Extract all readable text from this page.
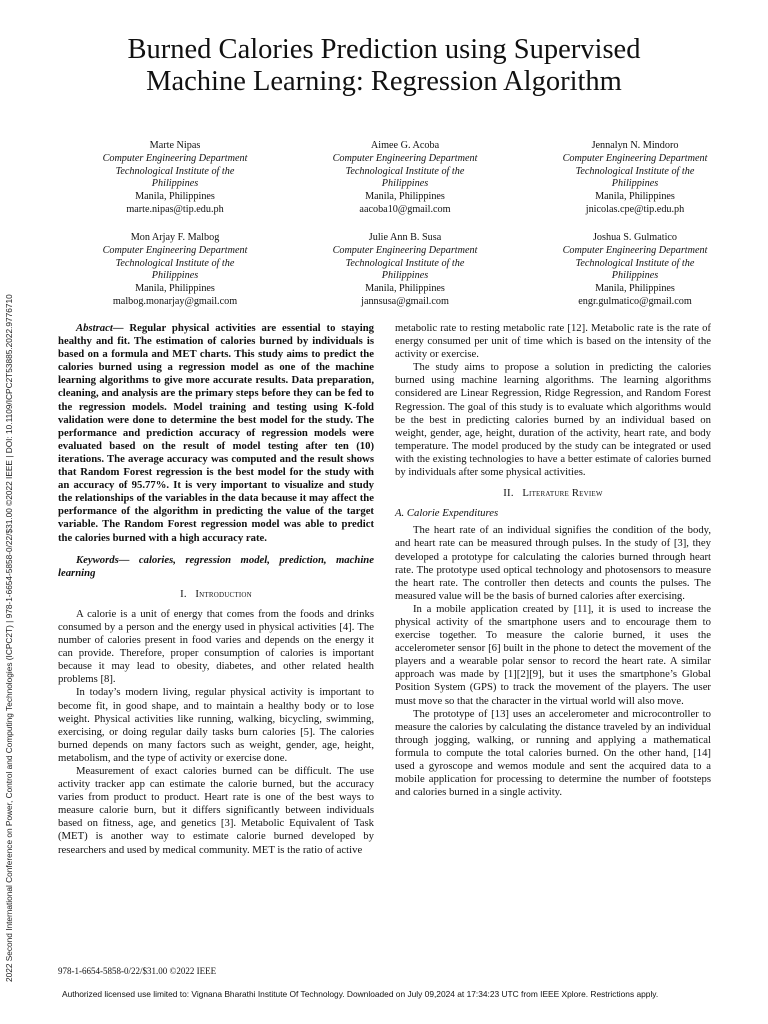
Burned Calories Prediction using Supervised
Machine Learning: Regression Algorithm
Marte Nipas
Computer Engineering Department
Technological Institute of the
Philippines
Manila, Philippines
marte.nipas@tip.edu.ph
Aimee G. Acoba
Computer Engineering Department
Technological Institute of the
Philippines
Manila, Philippines
aacoba10@gmail.com
Jennalyn N. Mindoro
Computer Engineering Department
Technological Institute of the
Philippines
Manila, Philippines
jnicolas.cpe@tip.edu.ph
Mon Arjay F. Malbog
Computer Engineering Department
Technological Institute of the
Philippines
Manila, Philippines
malbog.monarjay@gmail.com
Julie Ann B. Susa
Computer Engineering Department
Technological Institute of the
Philippines
Manila, Philippines
jannsusa@gmail.com
Joshua S. Gulmatico
Computer Engineering Department
Technological Institute of the
Philippines
Manila, Philippines
engr.gulmatico@gmail.com

Abstract— Regular physical activities are essential to staying healthy and fit. The estimation of calories burned by individuals is based on a formula and MET charts. This study aims to predict the calories burned using a regression model as one of the machine learning algorithms to give more accurate results. Data preparation, cleaning, and analysis are the primary steps before they can be fed to the regression models. Model training and testing using K-fold validation were done to determine the best model for the study. The performance and prediction accuracy of regression models were evaluated based on the result of model testing after ten (10) iterations. The average accuracy was computed and the result shows that Random Forest regression is the best model for the study with an accuracy of 95.77%. It is very important to visualize and study the relationships of the variables in the data because it may affect the performance of the algorithm in predicting the value of the target variable. The Random Forest regression model was able to predict the calories burned with a high accuracy rate.

Keywords— calories, regression model, prediction, machine learning

I. Introduction

A calorie is a unit of energy that comes from the foods and drinks consumed by a person and the energy used in physical activities [4]. The number of calories present in food varies and depends on the energy it can provide. Therefore, proper consumption of calories is important because it may lead to obesity, diabetes, and other related health problems [8].

In today’s modern living, regular physical activity is important to become fit, in good shape, and to maintain a healthy body or to lose weight. Physical activities like running, walking, bicycling, swimming, exercising, or doing regular daily tasks burn calories [5]. The calories burned depends on many factors such as weight, gender, age, height, metabolism, and the type of activity or exercise done.

Measurement of exact calories burned can be difficult. The use activity tracker app can estimate the calorie burned, but the accuracy varies from product to product. Heart rate is one of the best ways to measure calorie burn, but it differs significantly between individuals based on fitness, age, and genetics [3]. Metabolic Equivalent of Task (MET) is another way to estimate calorie burned developed by researchers and used by medical community. MET is the ratio of active

metabolic rate to resting metabolic rate [12]. Metabolic rate is the rate of energy consumed per unit of time which is based on the intensity of the activity or exercise.

The study aims to propose a solution in predicting the calories burned using machine learning algorithms. The learning algorithms considered are Linear Regression, Ridge Regression, and Random Forest Regression. The goal of this study is to evaluate which algorithms would be the best in predicting calories burned by an individual based on weight, gender, age, height, duration of the activity, heart rate, and body temperature. The model produced by the study can be integrated or used with the existing technologies to have a better estimate of calories burned by individuals after some physical activities.

II. Literature Review
A. Calorie Expenditures

The heart rate of an individual signifies the condition of the body, and heart rate can be measured through pulses. In the study of [3], they developed a prototype for calculating the calories burned through heart rate. The prototype used optical technology and photosensors to measure the heart rate. The controller then detects and counts the pulses. The measured value will be the basis of burned calories after exercising.

In a mobile application created by [11], it is used to increase the physical activity of the smartphone users and to encourage them to exercise together. To measure the calorie burned, it uses the accelerometer sensor [6] built in the phone to detect the movement of the players and a wearable polar sensor to record the heart rate. A similar approach was made by [1][2][9], but it uses the smartphone’s Global Position System (GPS) to track the movement of the players. The user must move so that the character in the virtual world will also move.

The prototype of [13] uses an accelerometer and microcontroller to measure the calories by calculating the distance traveled by an individual through jogging, walking, or running and applying a mathematical formula to compute the total calories burned. On the other hand, [14] used a gyroscope and wemos module and sent the acquired data to a mobile application for processing to determine the number of footsteps and calories burned in a single activity.

2022 Second International Conference on Power, Control and Computing Technologies (ICPC2T) | 978-1-6654-5858-0/22/$31.00 ©2022 IEEE | DOI: 10.1109/ICPC2T53885.2022.9776710	978-1-6654-5858-0/22/$31.00 ©2022 IEEE
Authorized licensed use limited to: Vignana Bharathi Institute Of Technology. Downloaded on July 09,2024 at 17:34:23 UTC from IEEE Xplore. Restrictions apply.
